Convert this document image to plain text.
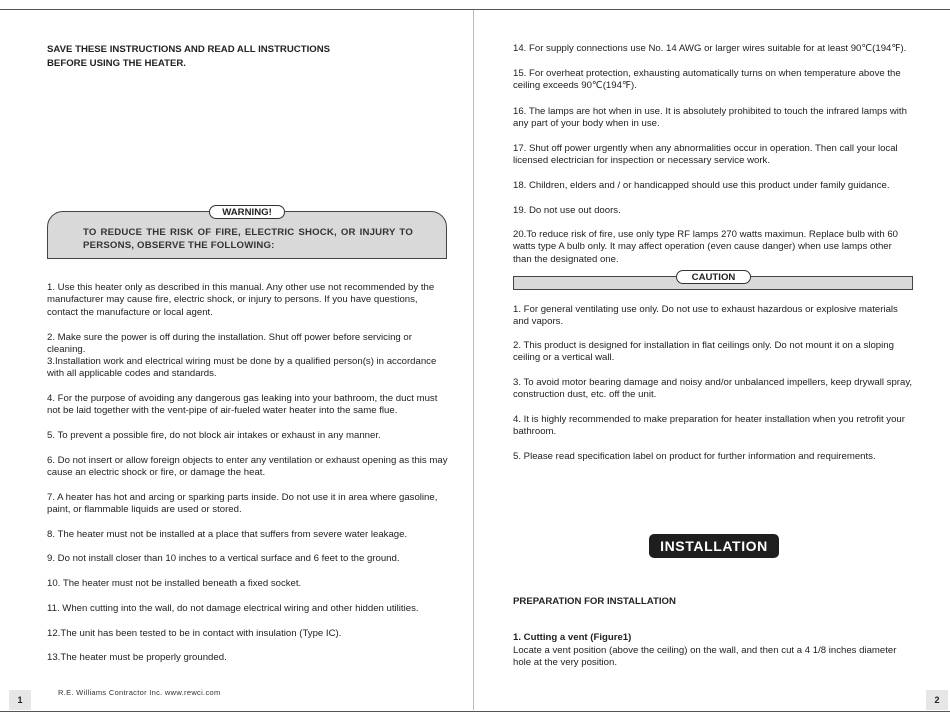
SAVE THESE INSTRUCTIONS AND READ ALL INSTRUCTIONS
BEFORE USING THE HEATER.
WARNING!
TO REDUCE THE RISK OF FIRE, ELECTRIC SHOCK, OR INJURY TO PERSONS, OBSERVE THE FOLLOWING:

1. Use this heater only as described in this manual. Any other use not recommended by the manufacturer may cause fire, electric shock, or injury to persons. If you have questions, contact the manufacture or local agent.

2. Make sure the power is off during the installation. Shut off power before servicing or cleaning.

3.Installation work and electrical wiring must be done by a qualified person(s) in accordance with all applicable codes and standards.

4. For the purpose of avoiding any dangerous gas leaking into your bathroom, the duct must not be laid together with the vent-pipe of air-fueled water heater into the same flue.

5. To prevent a possible fire, do not block air intakes or exhaust in any manner.

6. Do not insert or allow foreign objects to enter any ventilation or exhaust opening as this may cause an electric shock or fire, or damage the heat.

7. A heater has hot and arcing or sparking parts inside. Do not use it in area where gasoline, paint, or flammable liquids are used or stored.

8. The heater must not be installed at a place that suffers from severe water leakage.

9. Do not install closer than 10 inches to a vertical surface and 6 feet to the ground.

10. The heater must not be installed beneath a fixed socket.

11. When cutting into the wall, do not damage electrical wiring and other hidden utilities.

12.The unit has been tested to be in contact with insulation (Type IC).

13.The heater must be properly grounded.

R.E. Williams Contractor Inc. www.rewci.com
1

14. For supply connections use No. 14 AWG or larger wires suitable for at least 90℃(194℉).

15. For overheat protection, exhausting automatically turns on when temperature above the ceiling exceeds 90℃(194℉).

16. The lamps are hot when in use. It is absolutely prohibited to touch the infrared lamps with any part of your body when in use.

17. Shut off power urgently when any abnormalities occur in operation. Then call your local licensed electrician for inspection or necessary service work.

18. Children, elders and / or handicapped should use this product under family guidance.

19. Do not use out doors.

20.To reduce risk of fire, use only type RF lamps 270 watts maximun. Replace bulb with 60 watts type A bulb only. It may affect operation (even cause danger) when use lamps other than the designated one.

CAUTION

1. For general ventilating use only. Do not use to exhaust hazardous or explosive materials and vapors.

2. This product is designed for installation in flat ceilings only. Do not mount it on a sloping ceiling or a vertical wall.

3. To avoid motor bearing damage and noisy and/or unbalanced impellers, keep drywall spray, construction dust, etc. off the unit.

4. It is highly recommended to make preparation for heater installation when you retrofit your bathroom.

5. Please read specification label on product for further information and requirements.

INSTALLATION

PREPARATION FOR INSTALLATION

1. Cutting a vent (Figure1)

Locate a vent position (above the ceiling) on the wall, and then cut a 4 1/8 inches diameter hole at the very position.

2
